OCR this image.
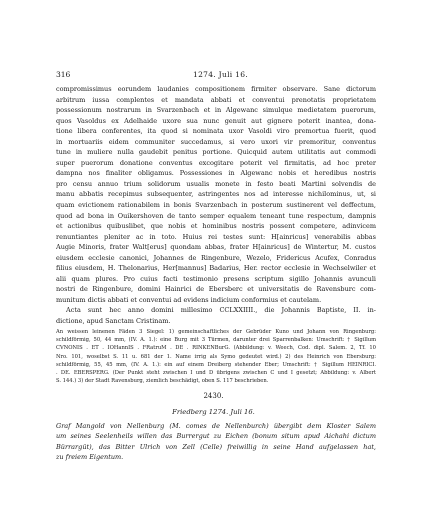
316	1274. Juli 16.

compromissimus eorundem laudanies compositionem firmiter observare. Sane dictorum
arbitrum iussa complentes et mandata abbati et conventui prenotatis proprietatem
possessionum nostrarum in Svarzenbach et in Algewanc simulque medietatem puerorum,
quos Vasoldus ex Adelhaide uxore sua nunc genuit aut gignere poterit inantea, dona-
tione libera conferentes, ita quod si nominata uxor Vasoldi viro premortua fuerit, quod
in mortuariis eidem communiter succedamus, si vero uxori vir premoritur, conventus
tune in muliere nulla gaudebit penitus portione. Quicquid autem utilitatis aut commodi
super puerorum donatione conventus excogitare poterit vel firmitatis, ad hoc preter
dampna nos finaliter obligamus. Possessiones in Algewanc nobis et heredibus nostris
pro censu annuo trium solidorum usualis monete in festo beati Martini solvendis de
manu abbatis recepimus subsequenter, astringentes nos ad interesse nichilominus, ut, si
quam evictionem rationabilem in bonis Svarzenbach in posterum sustinerent vel deffectum,
quod ad bona in Ouikershoven de tanto semper equalem teneant tune respectum, dampnis
et actionibus quibuslibet, que nobis et hominibus nostris possent competere, adinvicem
renuntiantes pleniter ac in toto. Huius rei testes sunt: H[ainricus] venerabilis abbas
Augie Minoris, frater Walt[erus] quondam abbas, frater H[ainricus] de Wintertur, M. custos
eiusdem ecclesie canonici, Johannes de Ringenbure, Wezelo, Fridericus Acufex, Conradus
filius eiusdem, H. Thelonarius, Her[mannus] Badarius, Her. rector ecclesie in Wechselwiler et
alii quam plures. Pro cuius facti testimonio presens scriptum sigillo Johannis avunculi
nostri de Ringenbure, domini Hainrici de Ebersberc et universitatis de Ravensburc com-
munitum dictis abbati et conventui ad evidens indicium conformius et cautelam.

Acta sunt hec anno domini millesimo CCLXXIIII., die Johannis Baptiste, II. in-
dictione, apud Sanctam Cristinam.

An weissen leinenen Fäden 3 Siegel: 1) gemeinschaftliches der Gebrüder Kuno und Johann von Ringenburg:
schildförmig, 50, 44 mm, (IV. A. 1.): eine Burg mit 3 Türmen, darunter drei Sparrenbalken: Umschrift: † Sigillum
CVNONIS . ET . IOHannIS . FRatruM . DE . RINKENBurG. (Abbildung: v. Weech, Cod. dipl. Salem. 2, Tf. 10
Nro. 101, woselbst S. 11 u. 681 der 1. Name irrig als Symo gedeutet wird.) 2) des Heinrich von Ebersburg:
schildförmig, 55, 45 mm, (IV. A. 1.): ein auf einem Dreiberg stehender Eber; Umschrift: † Sigillum HEINRICI.
. DE. EBERSPERG. (Der Punkt steht zwischen I und D übrigens zwischen C und I gesetzt; Abbildung: v. Albert
S. 144.) 3) der Stadt Ravensburg, ziemlich beschädigt, oben S. 117 beschrieben.
2430.
Friedberg 1274. Juli 16.
Graf Mangold von Nellenburg (M. comes de Nellenburch) übergibt dem Kloster Salem
um seines Seelenheils willen das Burrergut zu Eichen (bonum situm apud Aichahi dictum
Bürrargüt), das Bitter Ulrich von Zell (Celle) freiwillig in seine Hand aufgelassen hat,
zu freiem Eigentum.
